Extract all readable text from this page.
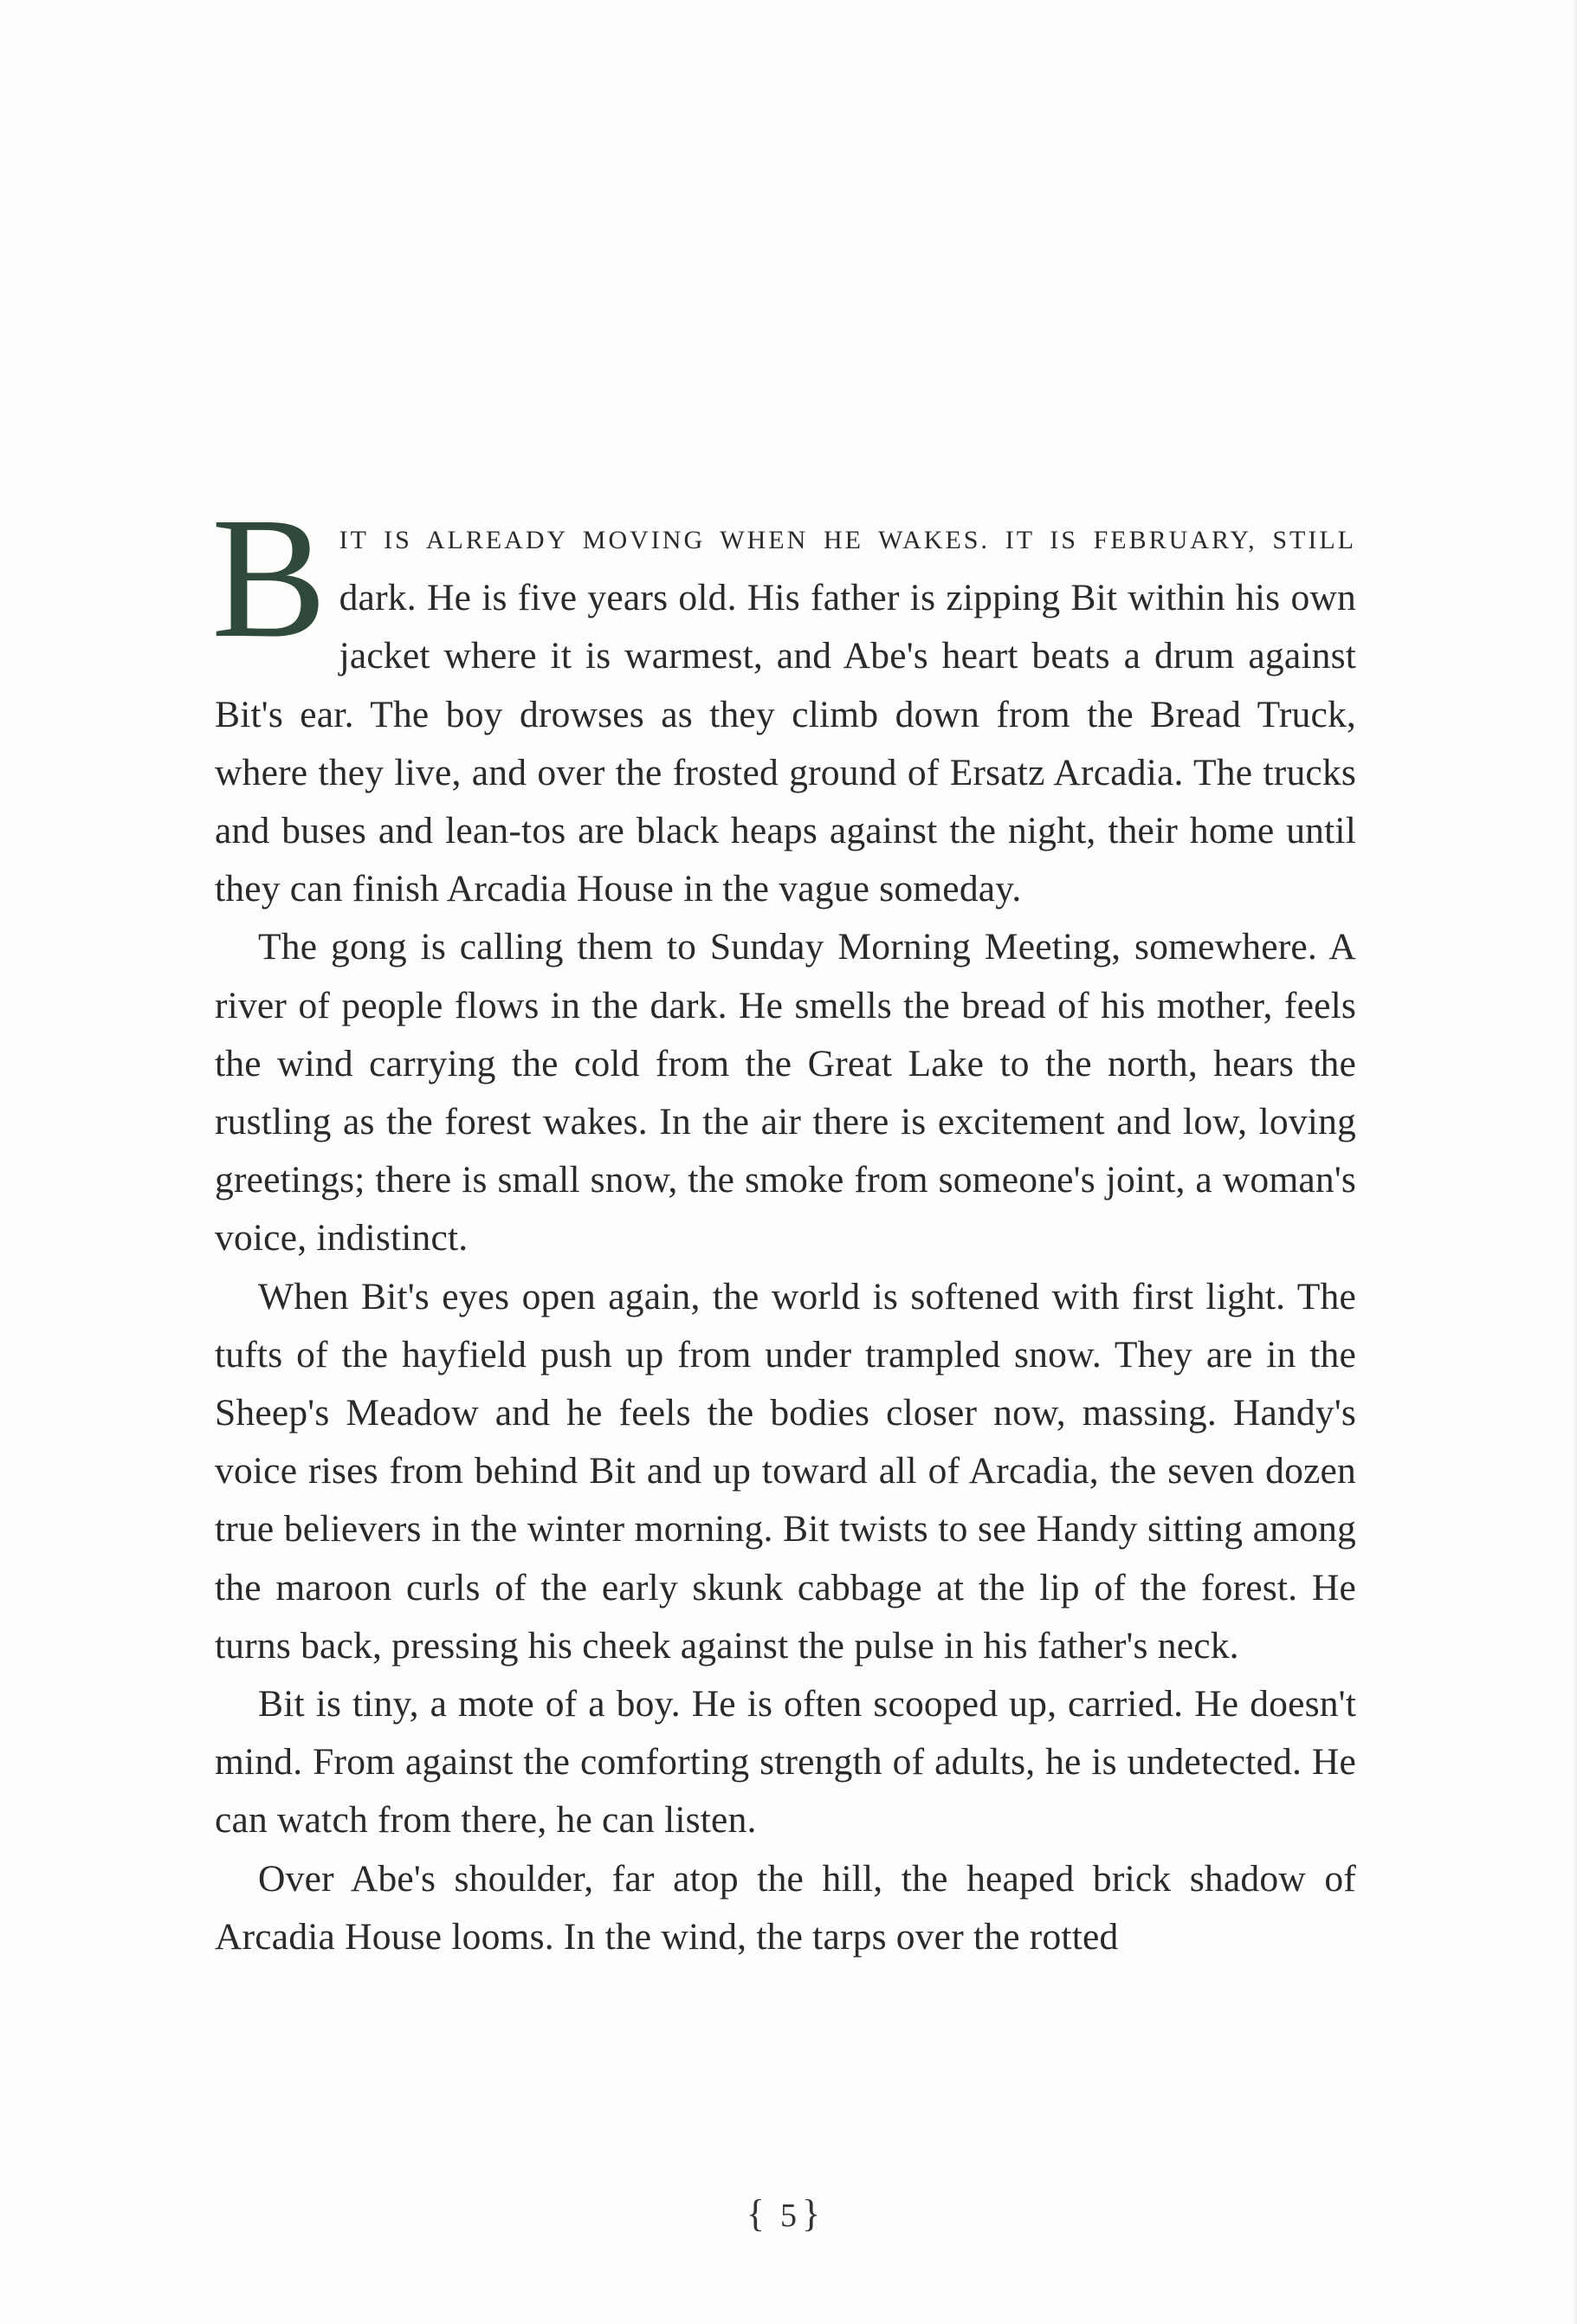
BIT IS ALREADY MOVING WHEN HE WAKES. IT IS FEBRUARY, STILL dark. He is five years old. His father is zipping Bit within his own jacket where it is warmest, and Abe's heart beats a drum against Bit's ear. The boy drowses as they climb down from the Bread Truck, where they live, and over the frosted ground of Ersatz Arcadia. The trucks and buses and lean-tos are black heaps against the night, their home until they can finish Arcadia House in the vague someday.

The gong is calling them to Sunday Morning Meeting, somewhere. A river of people flows in the dark. He smells the bread of his mother, feels the wind carrying the cold from the Great Lake to the north, hears the rustling as the forest wakes. In the air there is excitement and low, loving greetings; there is small snow, the smoke from someone's joint, a woman's voice, indistinct.

When Bit's eyes open again, the world is softened with first light. The tufts of the hayfield push up from under trampled snow. They are in the Sheep's Meadow and he feels the bodies closer now, massing. Handy's voice rises from behind Bit and up toward all of Arcadia, the seven dozen true believers in the winter morning. Bit twists to see Handy sitting among the maroon curls of the early skunk cabbage at the lip of the forest. He turns back, pressing his cheek against the pulse in his father's neck.

Bit is tiny, a mote of a boy. He is often scooped up, carried. He doesn't mind. From against the comforting strength of adults, he is undetected. He can watch from there, he can listen.

Over Abe's shoulder, far atop the hill, the heaped brick shadow of Arcadia House looms. In the wind, the tarps over the rotted

{ 5 }
